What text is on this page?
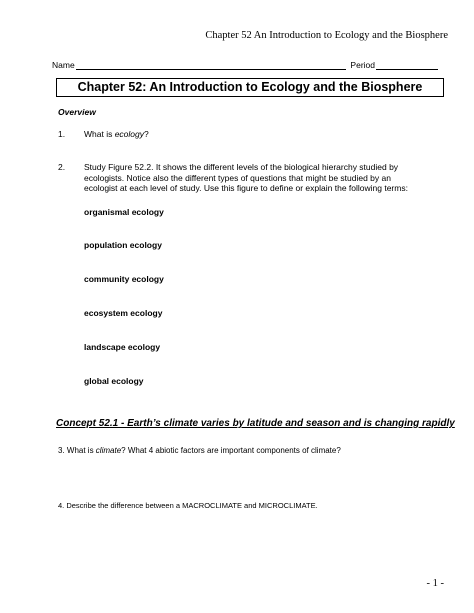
Chapter 52 An Introduction to Ecology and the Biosphere
Name	Period
Chapter 52: An Introduction to Ecology and the Biosphere
Overview
1. What is ecology?
2. Study Figure 52.2. It shows the different levels of the biological hierarchy studied by ecologists. Notice also the different types of questions that might be studied by an ecologist at each level of study. Use this figure to define or explain the following terms:
organismal ecology
population ecology
community ecology
ecosystem ecology
landscape ecology
global ecology
Concept 52.1 - Earth’s climate varies by latitude and season and is changing rapidly
3. What is climate? What 4 abiotic factors are important components of climate?
4. Describe the difference between a MACROCLIMATE and MICROCLIMATE.
- 1 -
